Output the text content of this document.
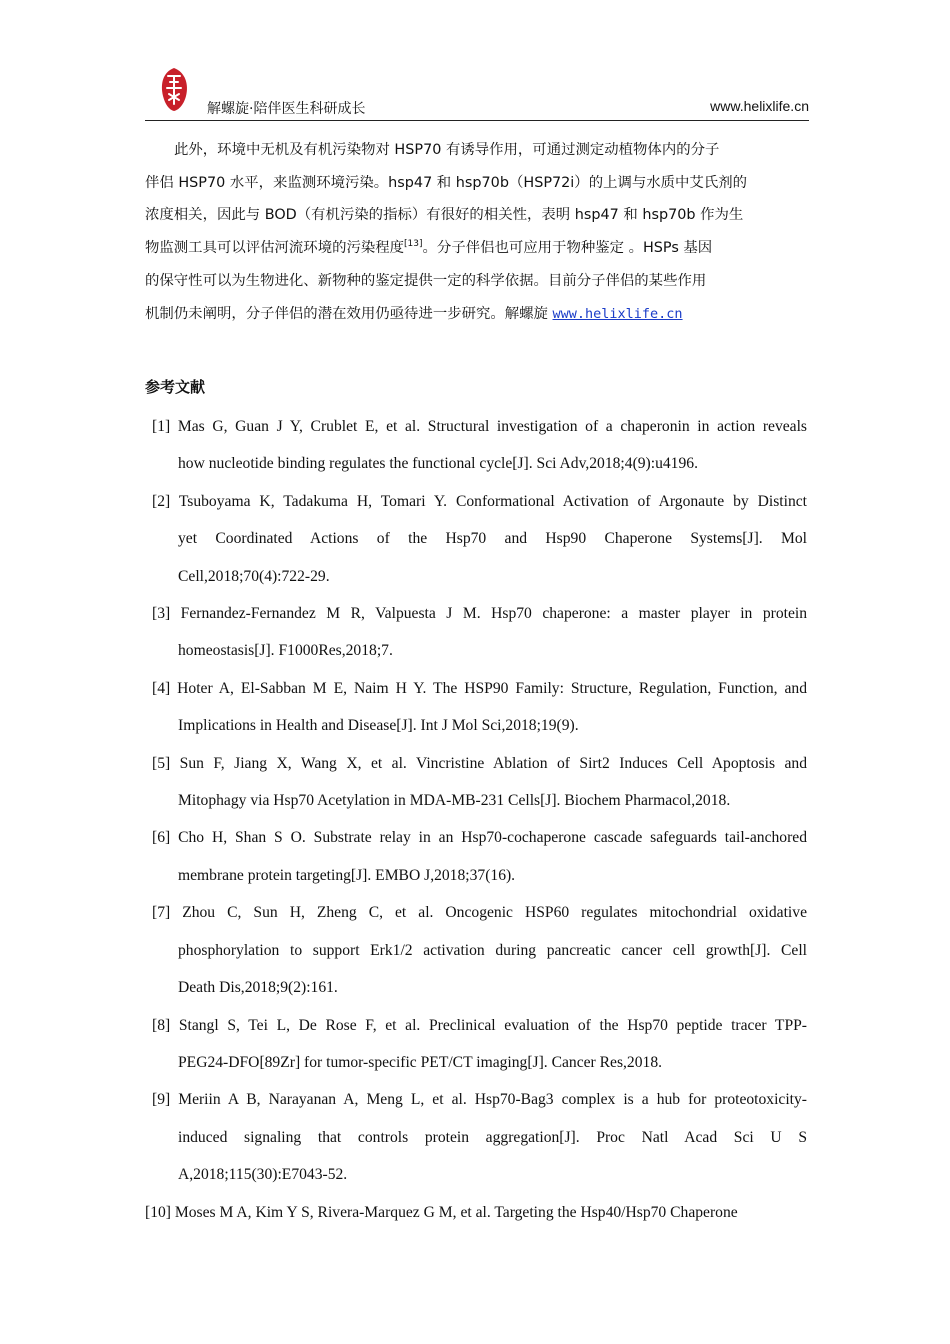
解螺旋·陪伴医生科研成长	www.helixlife.cn

此外，环境中无机及有机污染物对 HSP70 有诱导作用，可通过测定动植物体内的分子
伴侣 HSP70 水平，来监测环境污染。hsp47 和 hsp70b（HSP72i）的上调与水质中艾氏剂的
浓度相关，因此与 BOD（有机污染的指标）有很好的相关性，表明 hsp47 和 hsp70b 作为生
物监测工具可以评估河流环境的污染程度[13]。分子伴侣也可应用于物种鉴定 。HSPs 基因
的保守性可以为生物进化、新物种的鉴定提供一定的科学依据。目前分子伴侣的某些作用
机制仍未阐明，分子伴侣的潜在效用仍亟待进一步研究。解螺旋 www.helixlife.cn

参考文献
[1] Mas G, Guan J Y, Crublet E, et al. Structural investigation of a chaperonin in action reveals
how nucleotide binding regulates the functional cycle[J]. Sci Adv,2018;4(9):u4196.
[2] Tsuboyama K, Tadakuma H, Tomari Y. Conformational Activation of Argonaute by Distinct
yet Coordinated Actions of the Hsp70 and Hsp90 Chaperone Systems[J]. Mol
Cell,2018;70(4):722-29.
[3] Fernandez-Fernandez M R, Valpuesta J M. Hsp70 chaperone: a master player in protein
homeostasis[J]. F1000Res,2018;7.
[4] Hoter A, El-Sabban M E, Naim H Y. The HSP90 Family: Structure, Regulation, Function, and
Implications in Health and Disease[J]. Int J Mol Sci,2018;19(9).
[5] Sun F, Jiang X, Wang X, et al. Vincristine Ablation of Sirt2 Induces Cell Apoptosis and
Mitophagy via Hsp70 Acetylation in MDA-MB-231 Cells[J]. Biochem Pharmacol,2018.
[6] Cho H, Shan S O. Substrate relay in an Hsp70-cochaperone cascade safeguards tail-anchored
membrane protein targeting[J]. EMBO J,2018;37(16).
[7] Zhou C, Sun H, Zheng C, et al. Oncogenic HSP60 regulates mitochondrial oxidative
phosphorylation to support Erk1/2 activation during pancreatic cancer cell growth[J]. Cell
Death Dis,2018;9(2):161.
[8] Stangl S, Tei L, De Rose F, et al. Preclinical evaluation of the Hsp70 peptide tracer TPP-
PEG24-DFO[89Zr] for tumor-specific PET/CT imaging[J]. Cancer Res,2018.
[9] Meriin A B, Narayanan A, Meng L, et al. Hsp70-Bag3 complex is a hub for proteotoxicity-
induced signaling that controls protein aggregation[J]. Proc Natl Acad Sci U S
A,2018;115(30):E7043-52.
[10] Moses M A, Kim Y S, Rivera-Marquez G M, et al. Targeting the Hsp40/Hsp70 Chaperone
